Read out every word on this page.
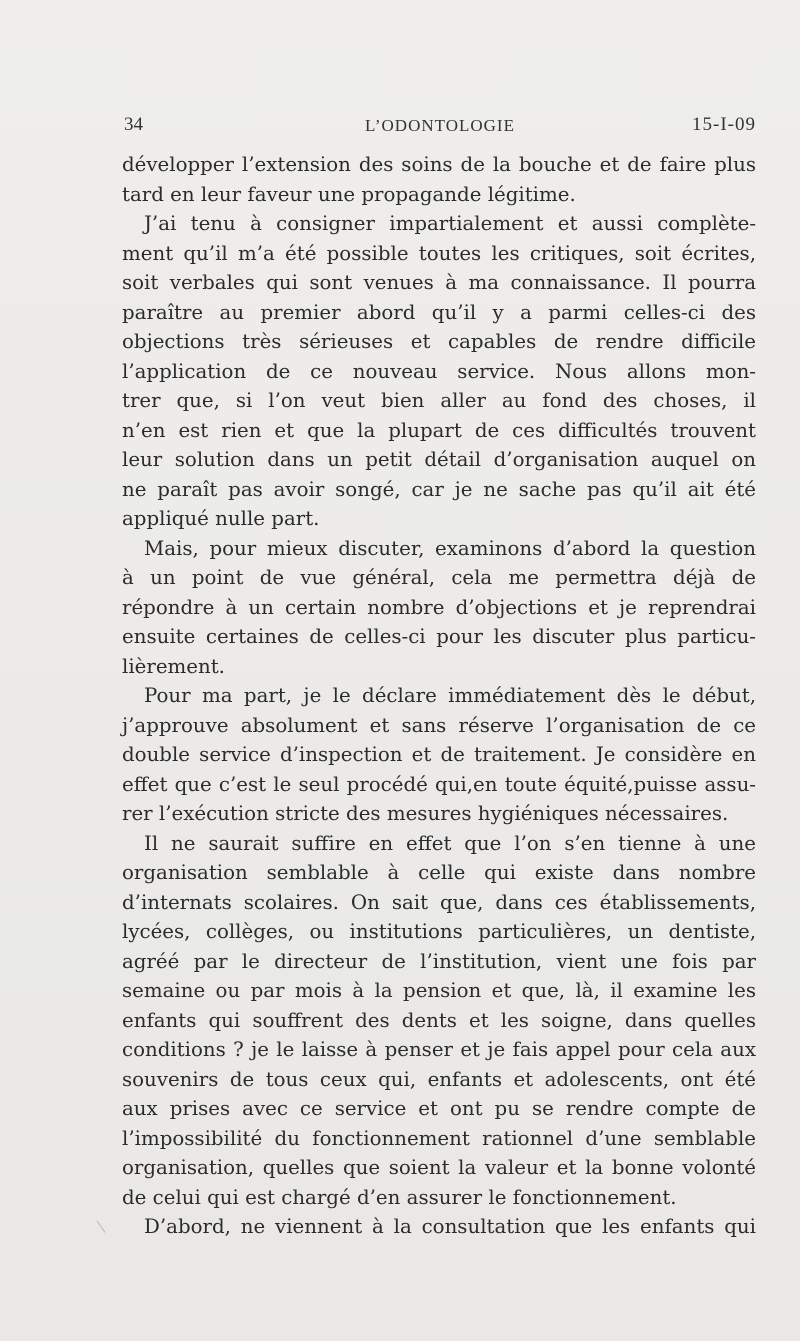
34	L’ODONTOLOGIE	15-I-09
développer l’extension des soins de la bouche et de faire plus
tard en leur faveur une propagande légitime.
J’ai tenu à consigner impartialement et aussi complète-
ment qu’il m’a été possible toutes les critiques, soit écrites,
soit verbales qui sont venues à ma connaissance. Il pourra
paraître au premier abord qu’il y a parmi celles-ci des
objections très sérieuses et capables de rendre difficile
l’application de ce nouveau service. Nous allons mon-
trer que, si l’on veut bien aller au fond des choses, il
n’en est rien et que la plupart de ces difficultés trouvent
leur solution dans un petit détail d’organisation auquel on
ne paraît pas avoir songé, car je ne sache pas qu’il ait été
appliqué nulle part.
Mais, pour mieux discuter, examinons d’abord la question
à un point de vue général, cela me permettra déjà de
répondre à un certain nombre d’objections et je reprendrai
ensuite certaines de celles-ci pour les discuter plus particu-
lièrement.
Pour ma part, je le déclare immédiatement dès le début,
j’approuve absolument et sans réserve l’organisation de ce
double service d’inspection et de traitement. Je considère en
effet que c’est le seul procédé qui,en toute équité,puisse assu-
rer l’exécution stricte des mesures hygiéniques nécessaires.
Il ne saurait suffire en effet que l’on s’en tienne à une
organisation semblable à celle qui existe dans nombre
d’internats scolaires. On sait que, dans ces établissements,
lycées, collèges, ou institutions particulières, un dentiste,
agréé par le directeur de l’institution, vient une fois par
semaine ou par mois à la pension et que, là, il examine les
enfants qui souffrent des dents et les soigne, dans quelles
conditions ? je le laisse à penser et je fais appel pour cela aux
souvenirs de tous ceux qui, enfants et adolescents, ont été
aux prises avec ce service et ont pu se rendre compte de
l’impossibilité du fonctionnement rationnel d’une semblable
organisation, quelles que soient la valeur et la bonne volonté
de celui qui est chargé d’en assurer le fonctionnement.
D’abord, ne viennent à la consultation que les enfants qui
